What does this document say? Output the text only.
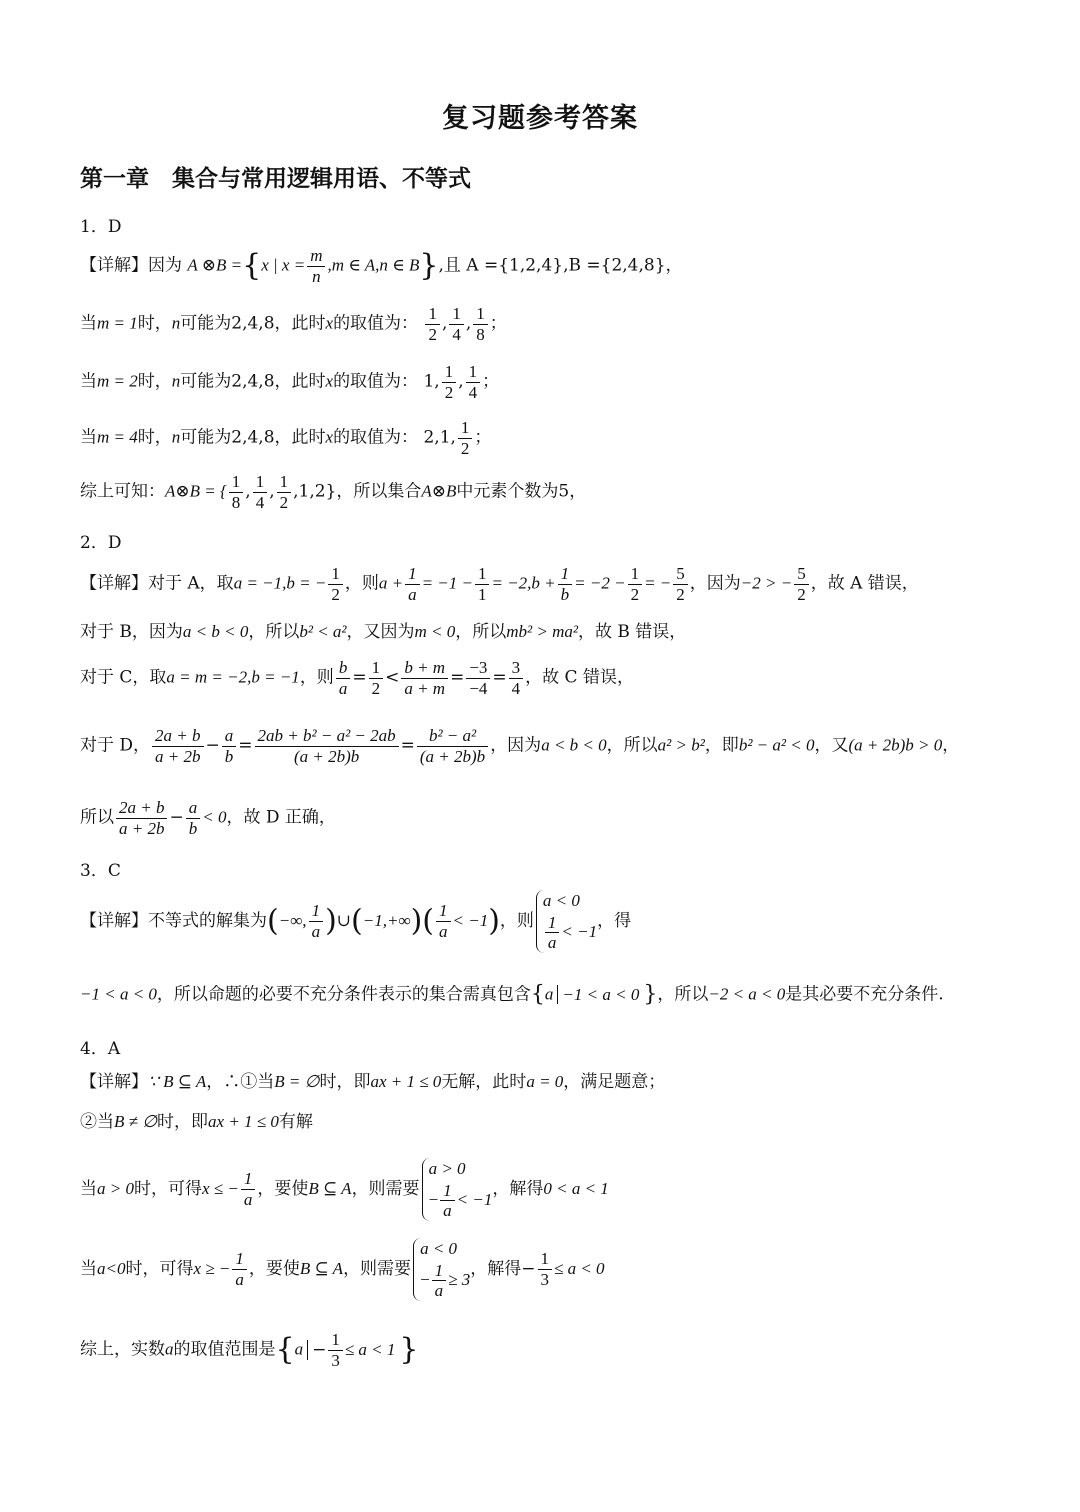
复习题参考答案
第一章　集合与常用逻辑用语、不等式
1．D
【详解】因为 A ⊗B ={x | $x = \frac{m}{n} ,m$ ∈ A,n ∈ B},且 A ={1,2,4},B ={2,4,8}，
当m = 1时，n可能为2,4,8，此时x的取值为： $\frac{1}{2}$ , $\frac{1}{4}$ , $\frac{1}{8}$ ；
当m = 2时，n可能为2,4,8，此时x的取值为： 1, $\frac{1}{2}$ , $\frac{1}{4}$ ；
当m = 4时，n可能为2,4,8，此时x的取值为： 2,1, $\frac{1}{2}$ ；
综上可知：A⊗B = { $\frac{1}{8}$ , $\frac{1}{4}$ , $\frac{1}{2} ,1,2$}，所以集合A⊗B中元素个数为5，
2．D
【详解】对于 A，取a = −1,b = − $\frac{1}{2}$ ，则$a + \frac{1}{a} = -1 - \frac{1}{1} = -2,b + \frac{1}{b} = -2 - \frac{1}{2}$ = − $\frac{5}{2}$ ，因为−2 > − $\frac{5}{2}$ ，故 A 错误，
对于 B，因为a < b < 0，所以b² < a²，又因为m < 0，所以mb² > ma²，故 B 错误，
对于 C，取a = m = −2,b = −1，则 $\frac{b}{a} = \frac{1}{2} < \frac{b + m}{a + m} = \frac{-3}{-4} = \frac{3}{4}$ ，故 C 错误，
对于 D， $\frac{2a + b}{a + 2b} - \frac{a}{b} = \frac{\text{2ab + b² − a² − 2ab}}{(a + 2b)b} = \frac{\text{b² − a²}}{(a + 2b)b}$ ，因为a < b < 0，所以a² > b²，即b² − a² < 0，又(a + 2b)b > 0，
所以 $\frac{2a + b}{a + 2b} - \frac{a}{b} < 0$，故 D 正确，
3．C
【详解】不等式的解集为(−∞, $\frac{1}{a}$ )∪(−1,+∞)( $\frac{1}{a} < -1$)，则
a < 0
$\frac{1}{a} < -1$
，得
−1 < a < 0，所以命题的必要不充分条件表示的集合需真包含{a −1 < a < 0 }，所以−2 < a < 0是其必要不充分条件.
4．A
【详解】∵ B ⊆ A，∴①当B = ∅时，即ax + 1 ≤ 0无解，此时a = 0，满足题意；
②当B ≠ ∅时，即ax + 1 ≤ 0有解
当a > 0时，可得x ≤ − $\frac{1}{a}$ ，要使B ⊆ A，则需要
a > 0
− $\frac{1}{a} < -1$
，解得0 < a < 1
当a<0时，可得x ≥ − $\frac{1}{a}$ ，要使B ⊆ A，则需要
a < 0
− $\frac{1}{a} \ge 3$
，解得− $\frac{1}{3} \le a < 0$
综上，实数a的取值范围是{$a - \frac{1}{3} \le a < 1$ }
